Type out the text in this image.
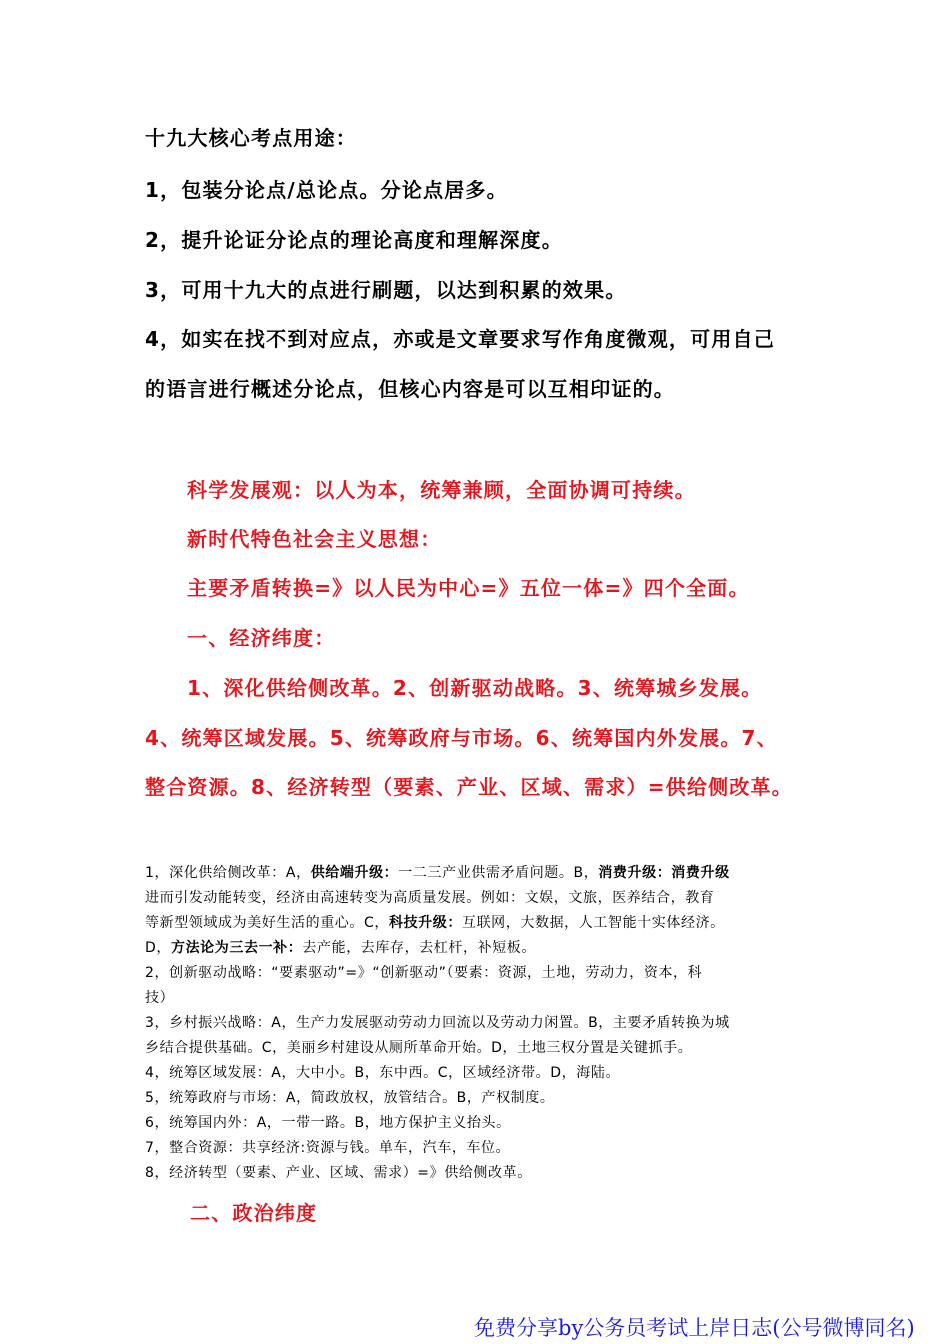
十九大核心考点用途：
1，包装分论点/总论点。分论点居多。
2，提升论证分论点的理论高度和理解深度。
3，可用十九大的点进行刷题，以达到积累的效果。
4，如实在找不到对应点，亦或是文章要求写作角度微观，可用自己
的语言进行概述分论点，但核心内容是可以互相印证的。
科学发展观：以人为本，统筹兼顾，全面协调可持续。
新时代特色社会主义思想：
主要矛盾转换=》以人民为中心=》五位一体=》四个全面。
一、经济纬度：
1、深化供给侧改革。2、创新驱动战略。3、统筹城乡发展。
4、统筹区域发展。5、统筹政府与市场。6、统筹国内外发展。7、
整合资源。8、经济转型（要素、产业、区域、需求）=供给侧改革。
1，深化供给侧改革：A，供给端升级：一二三产业供需矛盾问题。B，消费升级：消费升级
进而引发动能转变，经济由高速转变为高质量发展。例如：文娱，文旅，医养结合，教育
等新型领域成为美好生活的重心。C，科技升级：互联网，大数据，人工智能十实体经济。
D，方法论为三去一补：去产能，去库存，去杠杆，补短板。
2，创新驱动战略：“要素驱动”=》“创新驱动”（要素：资源，土地，劳动力，资本，科
技）
3，乡村振兴战略：A，生产力发展驱动劳动力回流以及劳动力闲置。B，主要矛盾转换为城
乡结合提供基础。C，美丽乡村建设从厕所革命开始。D，土地三权分置是关键抓手。
4，统筹区域发展：A，大中小。B，东中西。C，区域经济带。D，海陆。
5，统筹政府与市场：A，简政放权，放管结合。B，产权制度。
6，统筹国内外：A，一带一路。B，地方保护主义抬头。
7，整合资源：共享经济:资源与钱。单车，汽车，车位。
8，经济转型（要素、产业、区域、需求）=》供给侧改革。
二、政治纬度
免费分享by公务员考试上岸日志(公号微博同名)
